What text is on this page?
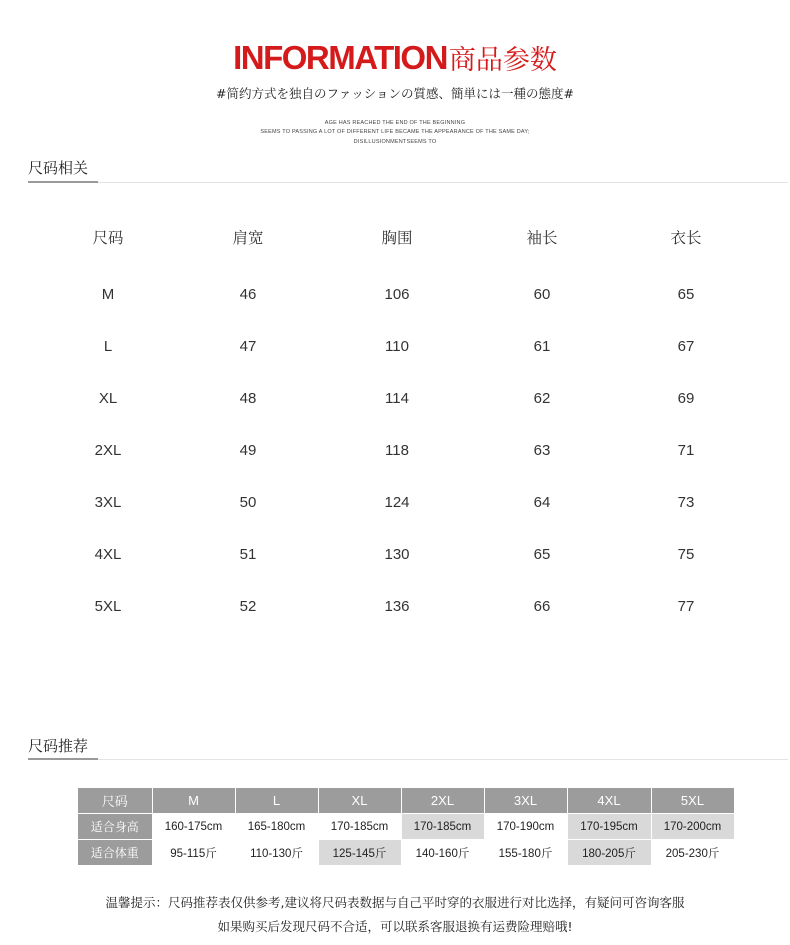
INFORMATION商品参数
#简约方式を独自のファッションの質感、簡単には一種の態度#
AGE HAS REACHED THE END OF THE BEGINNING
SEEMS TO PASSING A LOT OF DIFFERENT LIFE BECAME THE APPEARANCE OF THE SAME DAY;
DISILLUSIONMENTSEEMS TO
尺码相关
尺码	肩宽	胸围	袖长	衣长
M	46	106	60	65
L	47	110	61	67
XL	48	114	62	69
2XL	49	118	63	71
3XL	50	124	64	73
4XL	51	130	65	75
5XL	52	136	66	77
尺码推荐
尺码	M	L	XL	2XL	3XL	4XL	5XL
适合身高	160-175cm	165-180cm	170-185cm	170-185cm	170-190cm	170-195cm	170-200cm
适合体重	95-115斤	110-130斤	125-145斤	140-160斤	155-180斤	180-205斤	205-230斤
温馨提示：尺码推荐表仅供参考,建议将尺码表数据与自己平时穿的衣服进行对比选择，有疑问可咨询客服
如果购买后发现尺码不合适，可以联系客服退换有运费险理赔哦!
